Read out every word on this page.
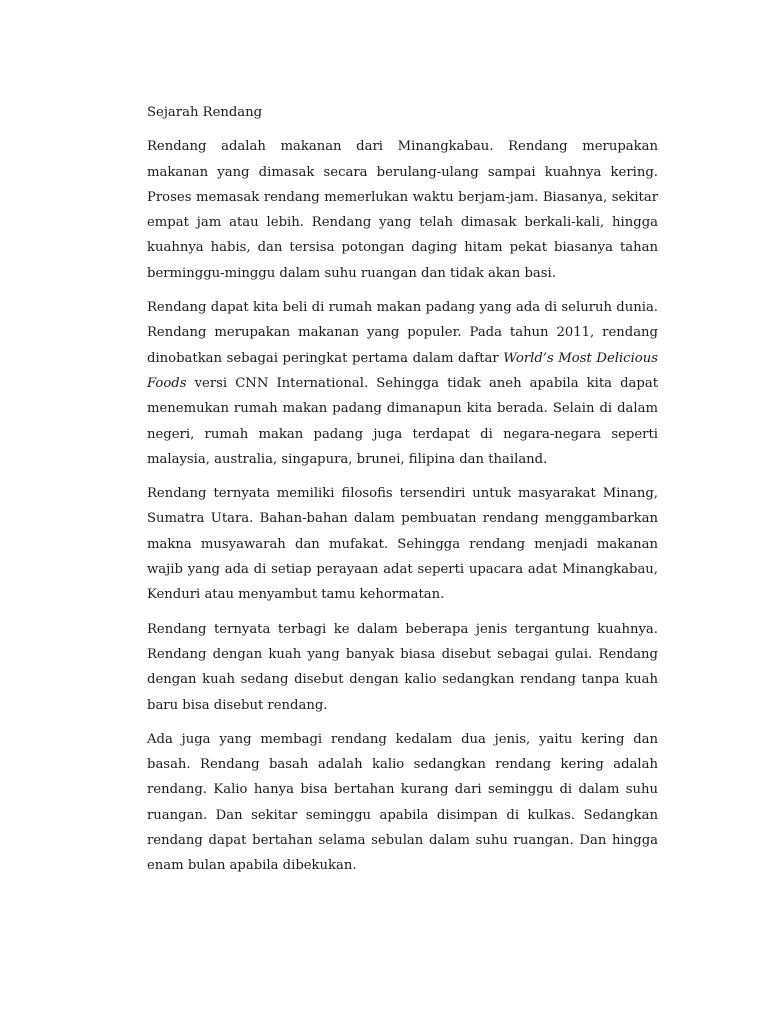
Sejarah Rendang

Rendang adalah makanan dari Minangkabau. Rendang merupakan makanan yang dimasak secara berulang-ulang sampai kuahnya kering. Proses memasak rendang memerlukan waktu berjam-jam. Biasanya, sekitar empat jam atau lebih. Rendang yang telah dimasak berkali-kali, hingga kuahnya habis, dan tersisa potongan daging hitam pekat biasanya tahan berminggu-minggu dalam suhu ruangan dan tidak akan basi.

Rendang dapat kita beli di rumah makan padang yang ada di seluruh dunia. Rendang merupakan makanan yang populer. Pada tahun 2011, rendang dinobatkan sebagai peringkat pertama dalam daftar World’s Most Delicious Foods versi CNN International. Sehingga tidak aneh apabila kita dapat menemukan rumah makan padang dimanapun kita berada. Selain di dalam negeri, rumah makan padang juga terdapat di negara-negara seperti malaysia, australia, singapura, brunei, filipina dan thailand.

Rendang ternyata memiliki filosofis tersendiri untuk masyarakat Minang, Sumatra Utara. Bahan-bahan dalam pembuatan rendang menggambarkan makna musyawarah dan mufakat. Sehingga rendang menjadi makanan wajib yang ada di setiap perayaan adat seperti upacara adat Minangkabau, Kenduri atau menyambut tamu kehormatan.

Rendang ternyata terbagi ke dalam beberapa jenis tergantung kuahnya. Rendang dengan kuah yang banyak biasa disebut sebagai gulai. Rendang dengan kuah sedang disebut dengan kalio sedangkan rendang tanpa kuah baru bisa disebut rendang.

Ada juga yang membagi rendang kedalam dua jenis, yaitu kering dan basah. Rendang basah adalah kalio sedangkan rendang kering adalah rendang. Kalio hanya bisa bertahan kurang dari seminggu di dalam suhu ruangan. Dan sekitar seminggu apabila disimpan di kulkas. Sedangkan rendang dapat bertahan selama sebulan dalam suhu ruangan. Dan hingga enam bulan apabila dibekukan.
